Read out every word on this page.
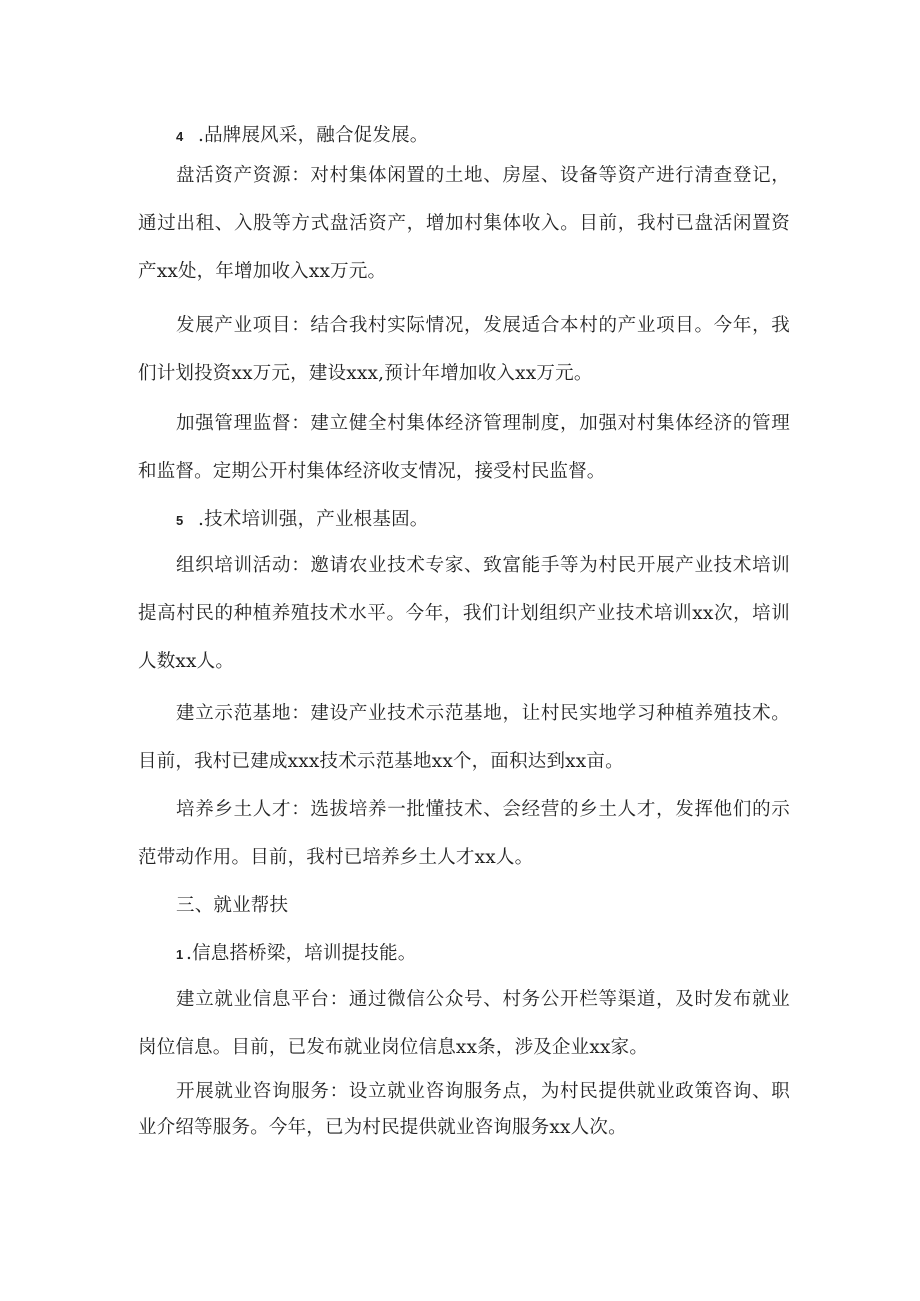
4 .品牌展风采，融合促发展。

盘活资产资源：对村集体闲置的土地、房屋、设备等资产进行清查登记，通过出租、入股等方式盘活资产，增加村集体收入。目前，我村已盘活闲置资产xx处，年增加收入xx万元。

发展产业项目：结合我村实际情况，发展适合本村的产业项目。今年，我们计划投资xx万元，建设xxx,预计年增加收入xx万元。

加强管理监督：建立健全村集体经济管理制度，加强对村集体经济的管理和监督。定期公开村集体经济收支情况，接受村民监督。

5 .技术培训强，产业根基固。

组织培训活动：邀请农业技术专家、致富能手等为村民开展产业技术培训提高村民的种植养殖技术水平。今年，我们计划组织产业技术培训xx次，培训人数xx人。

建立示范基地：建设产业技术示范基地，让村民实地学习种植养殖技术。目前，我村已建成xxx技术示范基地xx个，面积达到xx亩。

培养乡土人才：选拔培养一批懂技术、会经营的乡土人才，发挥他们的示范带动作用。目前，我村已培养乡土人才xx人。

三、就业帮扶
1 .信息搭桥梁，培训提技能。

建立就业信息平台：通过微信公众号、村务公开栏等渠道，及时发布就业岗位信息。目前，已发布就业岗位信息xx条，涉及企业xx家。

开展就业咨询服务：设立就业咨询服务点，为村民提供就业政策咨询、职业介绍等服务。今年，已为村民提供就业咨询服务xx人次。
